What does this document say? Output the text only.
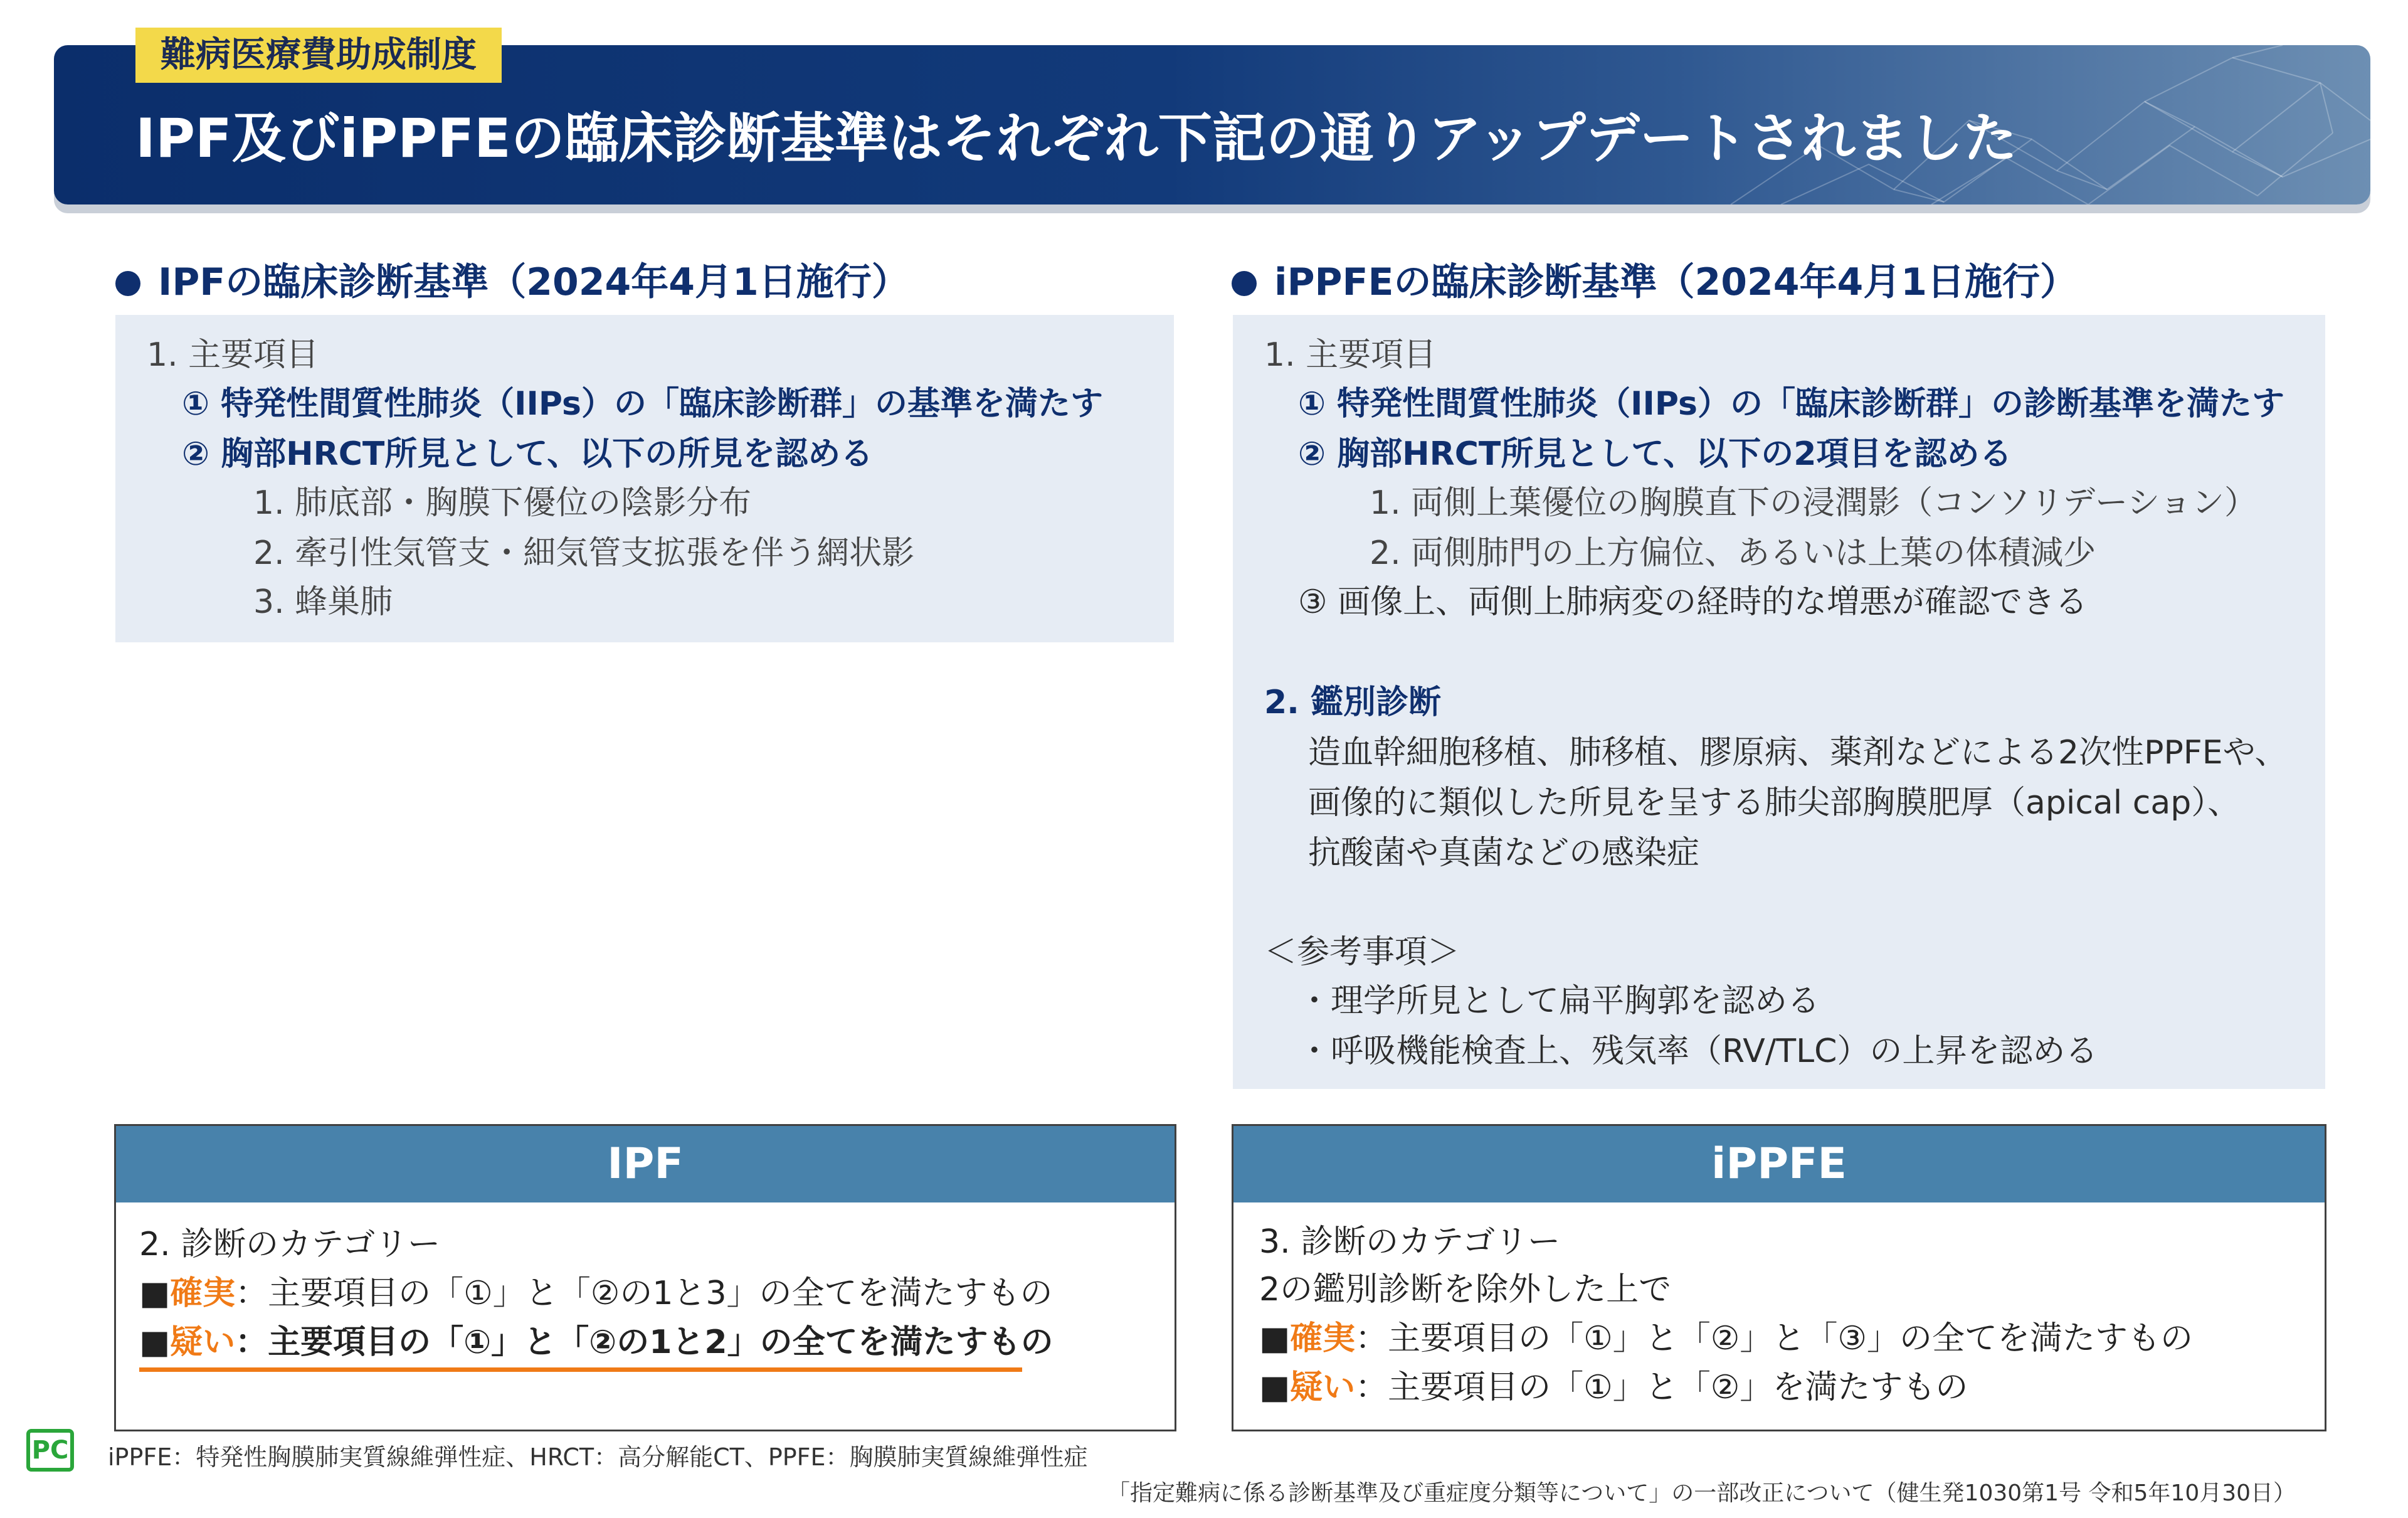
難病医療費助成制度
IPF及びiPPFEの臨床診断基準はそれぞれ下記の通りアップデートされました
IPFの臨床診断基準（2024年4月1日施行）
1. 主要項目
① 特発性間質性肺炎（IIPs）の「臨床診断群」の基準を満たす
② 胸部HRCT所見として、以下の所見を認める
1. 肺底部・胸膜下優位の陰影分布
2. 牽引性気管支・細気管支拡張を伴う網状影
3. 蜂巣肺
iPPFEの臨床診断基準（2024年4月1日施行）
1. 主要項目
① 特発性間質性肺炎（IIPs）の「臨床診断群」の診断基準を満たす
② 胸部HRCT所見として、以下の2項目を認める
1. 両側上葉優位の胸膜直下の浸潤影（コンソリデーション）
2. 両側肺門の上方偏位、あるいは上葉の体積減少
③ 画像上、両側上肺病変の経時的な増悪が確認できる
2. 鑑別診断
造血幹細胞移植、肺移植、膠原病、薬剤などによる2次性PPFEや、
画像的に類似した所見を呈する肺尖部胸膜肥厚（apical cap）、
抗酸菌や真菌などの感染症
＜参考事項＞
・理学所見として扁平胸郭を認める
・呼吸機能検査上、残気率（RV/TLC）の上昇を認める
IPF
2. 診断のカテゴリー
■確実：主要項目の「①」と「②の1と3」の全てを満たすもの
■疑い：主要項目の「①」と「②の1と2」の全てを満たすもの
iPPFE
3. 診断のカテゴリー
2の鑑別診断を除外した上で
■確実：主要項目の「①」と「②」と「③」の全てを満たすもの
■疑い：主要項目の「①」と「②」を満たすもの
PC iPPFE：特発性胸膜肺実質線維弾性症、HRCT：高分解能CT、PPFE：胸膜肺実質線維弾性症
「指定難病に係る診断基準及び重症度分類等について」の一部改正について（健生発1030第1号 令和5年10月30日）
